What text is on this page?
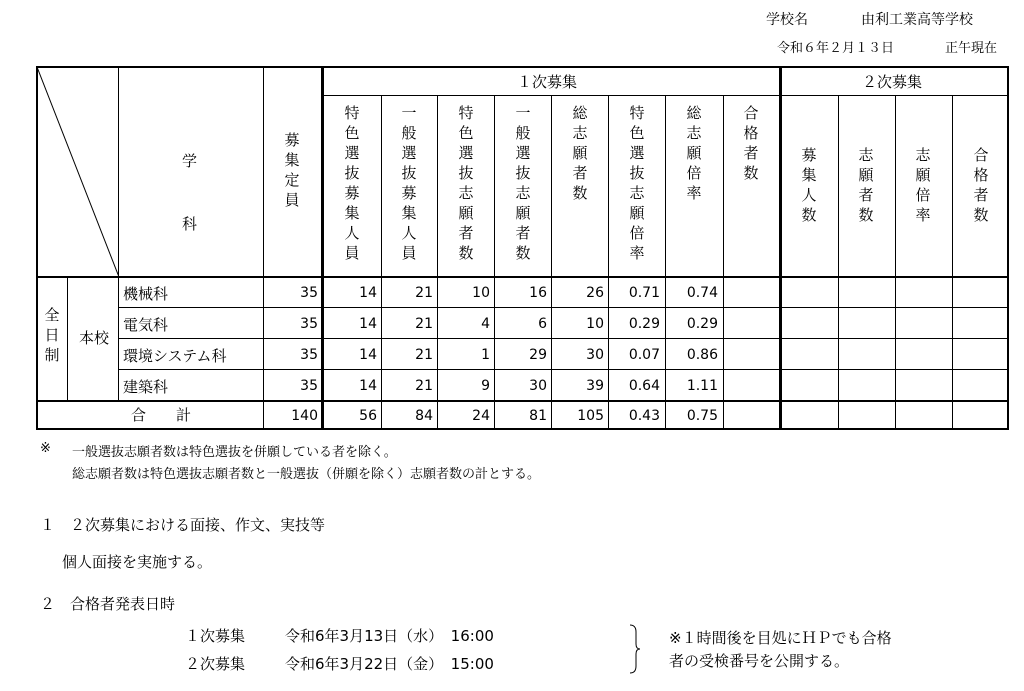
学校名	由利工業高等学校
令和６年２月１３日	正午現在
学
科
募集定員
１次募集	２次募集
特色選抜募集人員
一般選抜募集人員
特色選抜志願者数
一般選抜志願者数
総志願者数
特色選抜志願倍率
総志願倍率
合格者数
募集人数
志願者数
志願倍率
合格者数
全日制
本校
機械科	35	14	21	10	16	26 0.71 0.74
電気科	35	14	21	4	6	10 0.29 0.29
環境システム科	35	14	21	1	29	30 0.07 0.86
建築科	35	14	21	9	30	39 0.64 1.11
合　　計	140	56	84	24	81 105 0.43 0.75
※ 一般選抜志願者数は特色選抜を併願している者を除く。
総志願者数は特色選抜志願者数と一般選抜（併願を除く）志願者数の計とする。
１　２次募集における面接、作文、実技等
個人面接を実施する。
２　合格者発表日時
１次募集	令和6年3月13日（水）　16:00
２次募集	令和6年3月22日（金）　15:00
※１時間後を目処にＨＰでも合格
者の受検番号を公開する。
